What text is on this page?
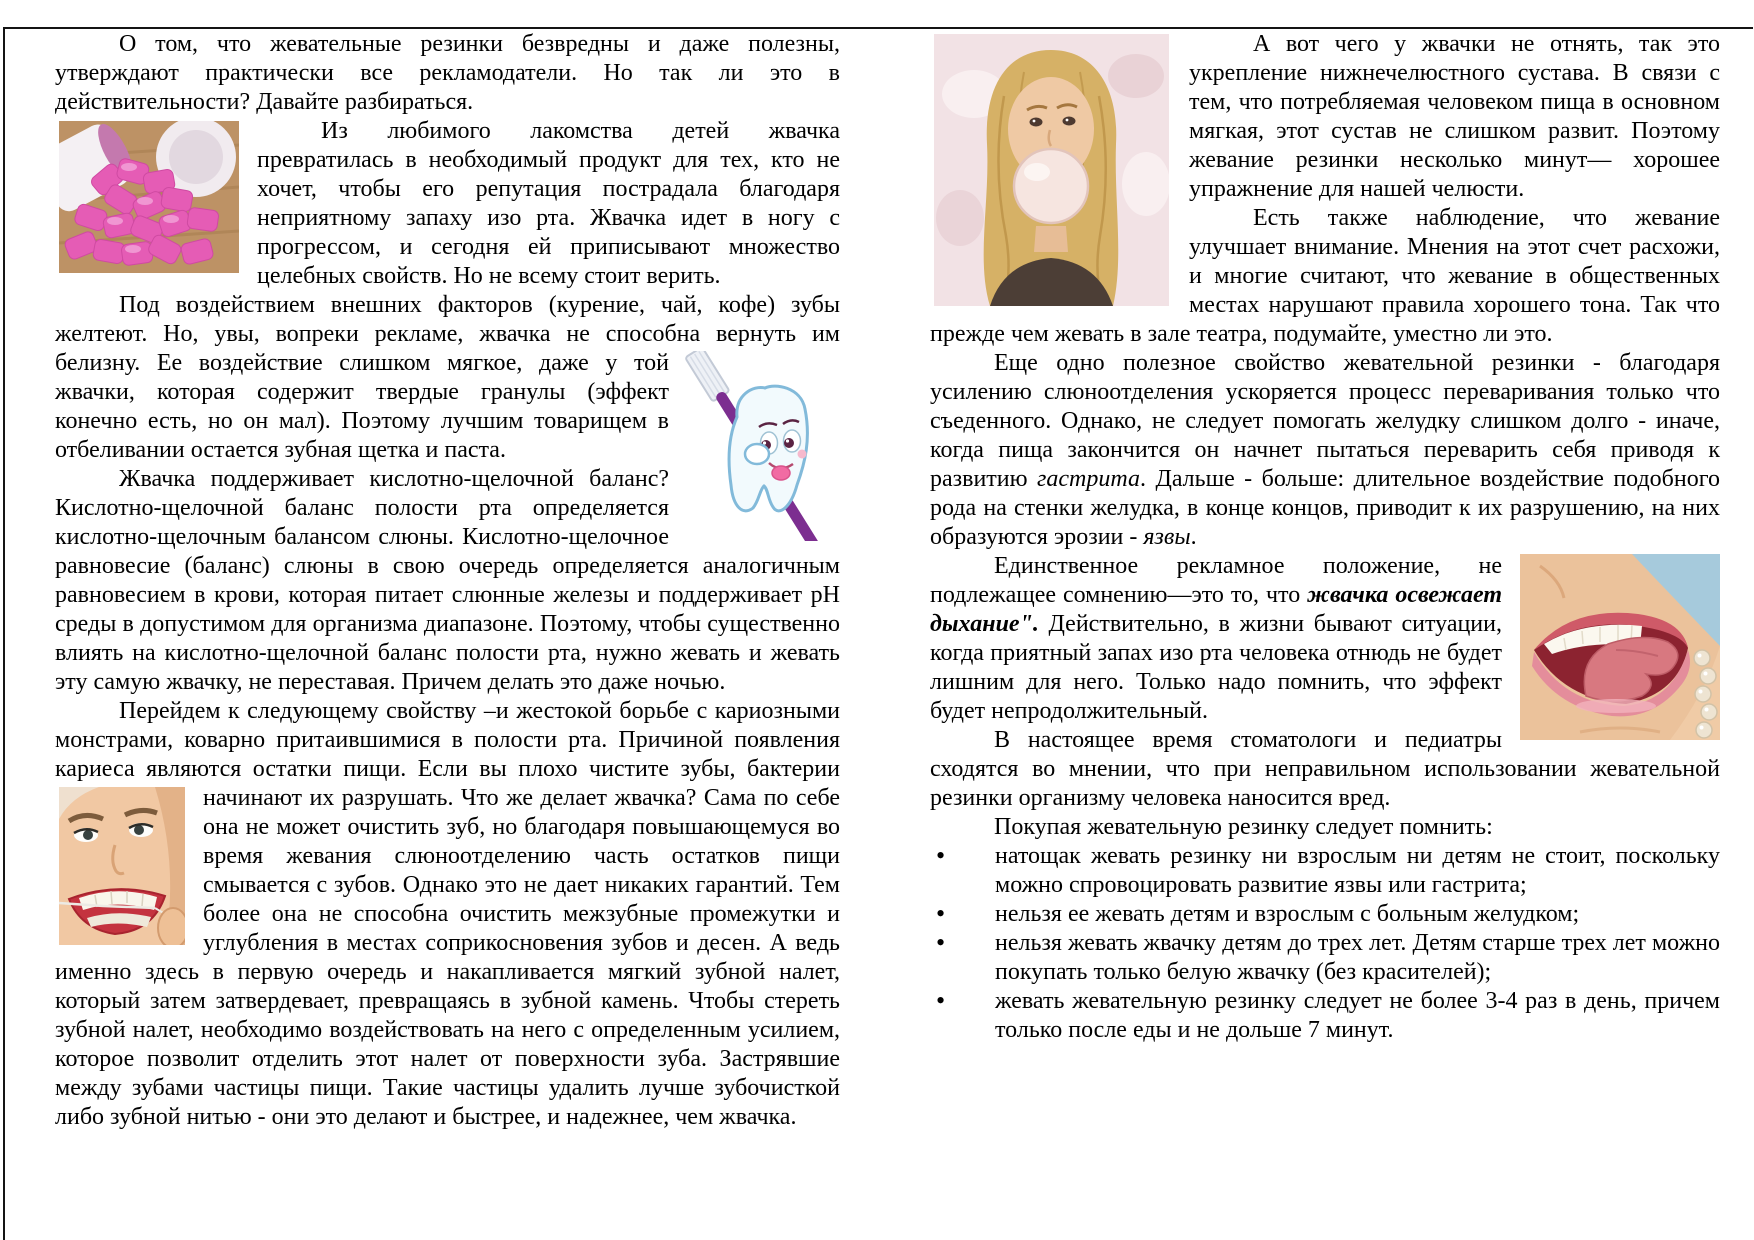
О том, что жевательные резинки безвредны и даже полезны, утверждают практически все рекламодатели. Но так ли это в действительности? Давайте разбираться.

Из любимого лакомства детей жвачка превратилась в необходимый продукт для тех, кто не хочет, чтобы его репутация пострадала благодаря неприятному запаху изо рта. Жвачка идет в ногу с прогрессом, и сегодня ей приписывают множество целебных свойств. Но не всему стоит верить.

Под воздействием внешних факторов (курение, чай, кофе) зубы желтеют. Но, увы, вопреки рекламе, жвачка не способна вернуть им
белизну. Ее воздействие слишком мягкое, даже у той жвачки, которая содержит твердые гранулы (эффект конечно есть, но он мал). Поэтому лучшим товарищем в отбеливании остается зубная щетка и паста.

Жвачка поддерживает кислотно-щелочной баланс? Кислотно-щелочной баланс полости рта определяется кислотно-щелочным балансом слюны. Кислотно-щелочное равновесие (баланс) слюны в свою очередь определяется аналогичным равновесием в крови, которая питает слюнные железы и поддерживает рН среды в допустимом для организма диапазоне. Поэтому, чтобы существенно влиять на кислотно-щелочной баланс полости рта, нужно жевать и жевать эту самую жвачку, не переставая. Причем делать это даже ночью.

Перейдем к следующему свойству –и жестокой борьбе с кариозными монстрами, коварно притаившимися в полости рта. Причиной появления кариеса являются остатки пищи. Если вы плохо чистите зубы, бактерии начинают их разрушать. Что же делает жвачка? Сама по
себе она не может очистить зуб, но благодаря повышающемуся во время жевания слюноотделению часть остатков пищи смывается с зубов. Однако это не дает никаких гарантий. Тем более она не способна очистить межзубные промежутки и углубления в местах соприкосновения зубов и десен. А ведь именно здесь в первую очередь и накапливается мягкий зубной налет, который затем затвердевает, превращаясь в зубной камень. Чтобы стереть зубной налет, необходимо воздействовать на него с определенным усилием, которое позволит отделить этот налет от поверхности зуба. Застрявшие между зубами частицы пищи. Такие частицы удалить лучше зубочисткой либо зубной нитью - они это делают и быстрее, и надежнее, чем жвачка.

А вот чего у жвачки не отнять, так это укрепление нижнечелюстного сустава. В связи с тем, что потребляемая человеком пища в основном мягкая, этот сустав не слишком развит. Поэтому жевание резинки несколько минут— хорошее упражнение для нашей челюсти.

Есть также наблюдение, что жевание улучшает внимание. Мнения на этот счет расхожи, и многие считают, что жевание в общественных местах нарушают правила хорошего тона. Так что прежде чем жевать в зале театра, подумайте, уместно ли это.

Еще одно полезное свойство жевательной резинки - благодаря усилению слюноотделения ускоряется процесс переваривания только что съеденного. Однако, не следует помогать желудку слишком долго - иначе, когда пища закончится он начнет пытаться переварить себя приводя к развитию гастрита. Дальше - больше: длительное воздействие подобного рода на стенки желудка, в конце концов, приводит к их разрушению, на них образуются эрозии - язвы.

Единственное рекламное положение, не подлежащее сомнению—это то, что жвачка освежает дыхание". Действительно, в жизни бывают ситуации, когда приятный запах изо рта человека отнюдь не будет лишним для него. Только надо помнить, что эффект будет непродолжительный.

В настоящее время стоматологи и педиатры сходятся во мнении, что при неправильном использовании жевательной резинки организму человека наносится вред.

Покупая жевательную резинку следует помнить:

• натощак жевать резинку ни взрослым ни детям не стоит, поскольку можно спровоцировать развитие язвы или гастрита;
• нельзя ее жевать детям и взрослым с больным желудком;
• нельзя жевать жвачку детям до трех лет. Детям старше трех лет можно покупать только белую жвачку (без красителей);
• жевать жевательную резинку следует не более 3-4 раз в день, причем только после еды и не дольше 7 минут.
